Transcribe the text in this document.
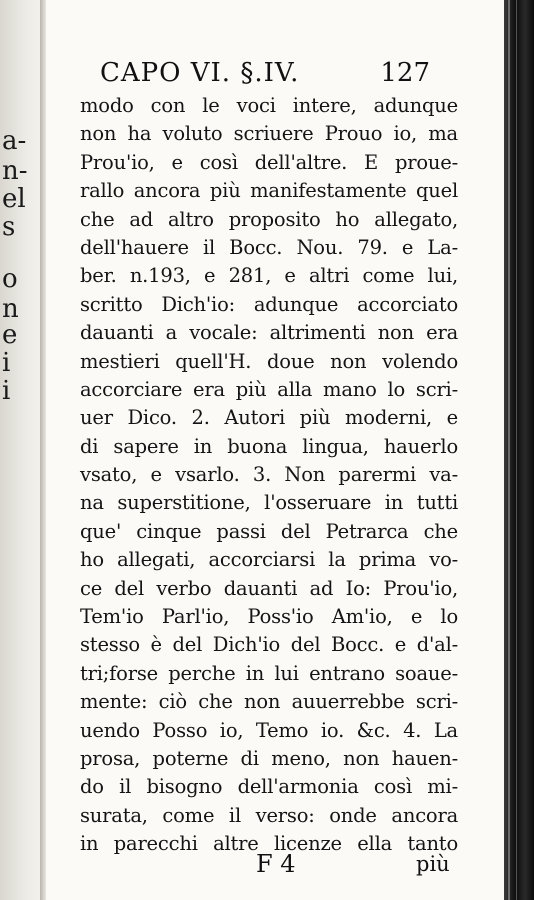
a-
n-
el
s
o
n
e
i
i
CAPO VI. §.IV.	127
modo con le voci intere, adunque
non ha voluto scriuere Prouo io, ma
Prou'io, e così dell'altre. E proue-
rallo ancora più manifestamente quel
che ad altro proposito ho allegato,
dell'hauere il Bocc. Nou. 79. e La-
ber. n.193, e 281, e altri come lui,
scritto Dich'io: adunque accorciato
dauanti a vocale: altrimenti non era
mestieri quell'H. doue non volendo
accorciare era più alla mano lo scri-
uer Dico. 2. Autori più moderni, e
di sapere in buona lingua, hauerlo
vsato, e vsarlo. 3. Non parermi va-
na superstitione, l'osseruare in tutti
que' cinque passi del Petrarca che
ho allegati, accorciarsi la prima vo-
ce del verbo dauanti ad Io: Prou'io,
Tem'io Parl'io, Poss'io Am'io, e lo
stesso è del Dich'io del Bocc. e d'al-
tri;forse perche in lui entrano soaue-
mente: ciò che non auuerrebbe scri-
uendo Posso io, Temo io. &c. 4. La
prosa, poterne di meno, non hauen-
do il bisogno dell'armonia così mi-
surata, come il verso: onde ancora
in parecchi altre licenze ella tanto
F 4	più
